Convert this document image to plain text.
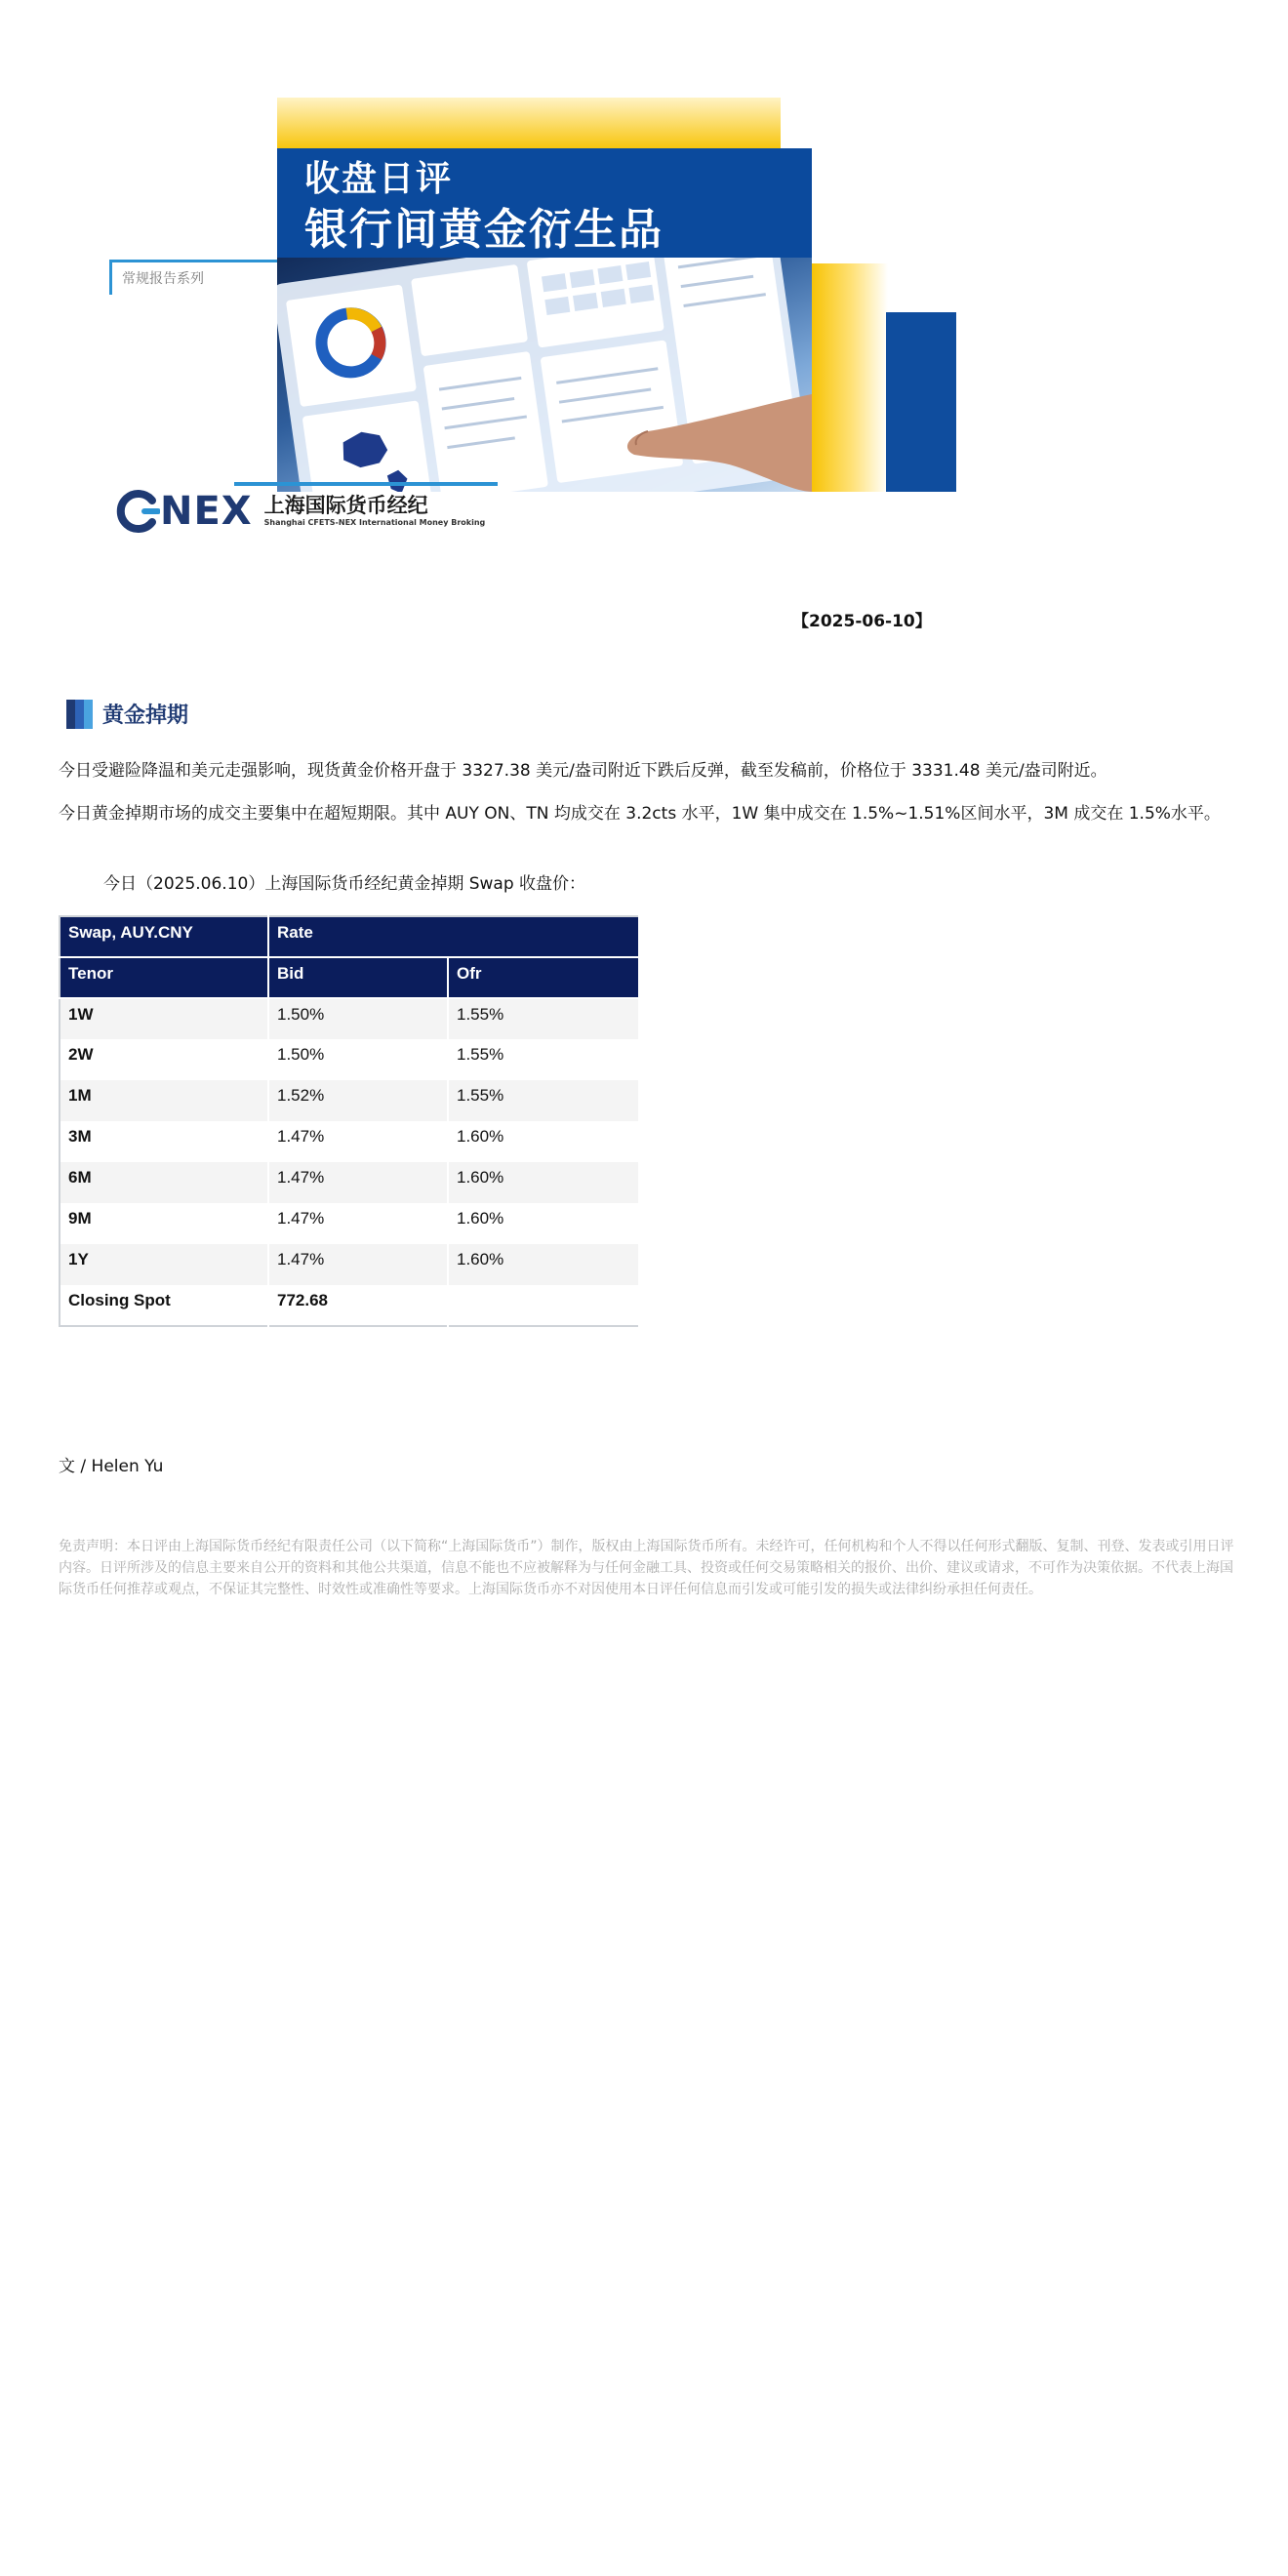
收盘日评
银行间黄金衍生品
常规报告系列
NEX 上海国际货币经纪
Shanghai CFETS-NEX International Money Broking
【2025-06-10】
黄金掉期
今日受避险降温和美元走强影响，现货黄金价格开盘于 3327.38 美元/盎司附近下跌后反弹，截至发稿前，价格位于 3331.48 美元/盎司附近。
今日黄金掉期市场的成交主要集中在超短期限。其中 AUY ON、TN 均成交在 3.2cts 水平，1W 集中成交在 1.5%~1.51%区间水平，3M 成交在 1.5%水平。
今日（2025.06.10）上海国际货币经纪黄金掉期 Swap 收盘价：
Swap, AUY.CNY	Rate	
Tenor	Bid	Ofr
1W	1.50%	1.55%
2W	1.50%	1.55%
1M	1.52%	1.55%
3M	1.47%	1.60%
6M	1.47%	1.60%
9M	1.47%	1.60%
1Y	1.47%	1.60%
Closing Spot	772.68	
文 / Helen Yu
免责声明：本日评由上海国际货币经纪有限责任公司（以下简称“上海国际货币”）制作，版权由上海国际货币所有。未经许可，任何机构和个人不得以任何形式翻版、复制、刊登、发表或引用日评内容。日评所涉及的信息主要来自公开的资料和其他公共渠道，信息不能也不应被解释为与任何金融工具、投资或任何交易策略相关的报价、出价、建议或请求，不可作为决策依据。不代表上海国际货币任何推荐或观点，不保证其完整性、时效性或准确性等要求。上海国际货币亦不对因使用本日评任何信息而引发或可能引发的损失或法律纠纷承担任何责任。
